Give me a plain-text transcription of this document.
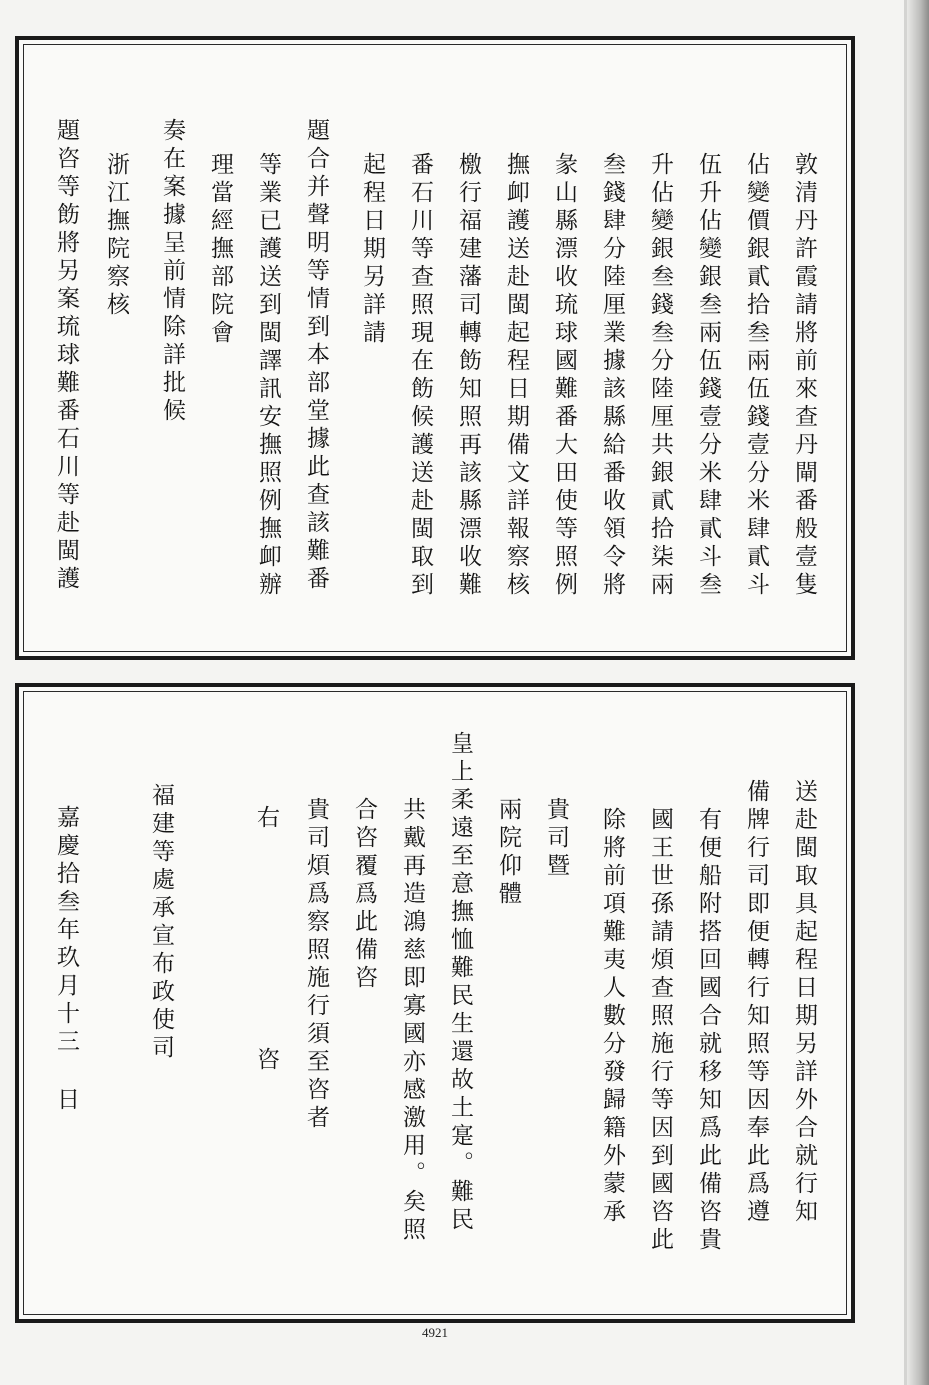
敦清丹許霞請將前來查丹閘番般壹隻
佔變價銀貳拾叁兩伍錢壹分米肆貳斗
伍升佔變銀叁兩伍錢壹分米肆貳斗叁
升佔變銀叁錢叁分陸厘共銀貳拾柒兩
叁錢肆分陸厘業據該縣給番收領令將
彖山縣漂收琉球國難番大田使等照例
撫卹護送赴閩起程日期備文詳報察核
檄行福建藩司轉飭知照再該縣漂收難
番石川等查照現在飭候護送赴閩取到
起程日期另詳請
題合并聲明等情到本部堂據此查該難番
等業已護送到閩譯訊安撫照例撫卹辦
理當經撫部院會
奏在案據呈前情除詳批候
浙江撫院察核
題咨等飭將另案琉球難番石川等赴閩護
送赴閩取具起程日期另詳外合就行知
備牌行司即便轉行知照等因奉此爲遵
有便船附搭回國合就移知爲此備咨貴
國王世孫請煩查照施行等因到國咨此
除將前項難夷人數分發歸籍外蒙承
貴司暨
兩院仰體
皇上柔遠至意撫恤難民生還故土寔。難民
共戴再造鴻慈即寡國亦感激用。矣照
合咨覆爲此備咨
貴司煩爲察照施行須至咨者
右
咨
福建等處承宣布政使司
嘉慶拾叁年玖月十三
日
4921
